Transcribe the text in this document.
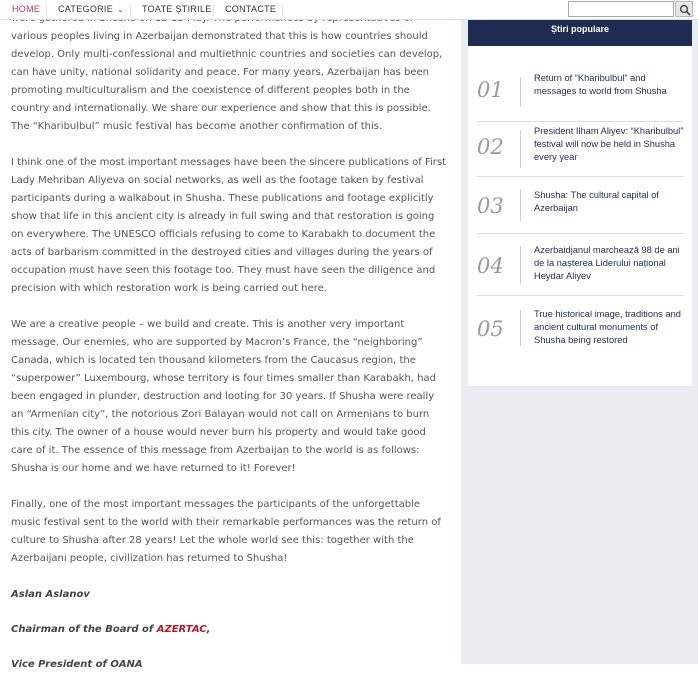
HOME CATEGORIE ⌄ TOATE ȘTIRILE CONTACTE

various peoples living in Azerbaijan demonstrated that this is how countries should develop. Only multi-confessional and multiethnic countries and societies can develop, can have unity, national solidarity and peace. For many years, Azerbaijan has been promoting multiculturalism and the coexistence of different peoples both in the country and internationally. We share our experience and show that this is possible. The “Kharibulbul” music festival has become another confirmation of this.

I think one of the most important messages have been the sincere publications of First Lady Mehriban Aliyeva on social networks, as well as the footage taken by festival participants during a walkabout in Shusha. These publications and footage explicitly show that life in this ancient city is already in full swing and that restoration is going on everywhere. The UNESCO officials refusing to come to Karabakh to document the acts of barbarism committed in the destroyed cities and villages during the years of occupation must have seen this footage too. They must have seen the diligence and precision with which restoration work is being carried out here.

We are a creative people – we build and create. This is another very important message. Our enemies, who are supported by Macron’s France, the “neighboring” Canada, which is located ten thousand kilometers from the Caucasus region, the “superpower” Luxembourg, whose territory is four times smaller than Karabakh, had been engaged in plunder, destruction and looting for 30 years. If Shusha were really an “Armenian city”, the notorious Zori Balayan would not call on Armenians to burn this city. The owner of a house would never burn his property and would take good care of it. The essence of this message from Azerbaijan to the world is as follows: Shusha is our home and we have returned to it! Forever!

Finally, one of the most important messages the participants of the unforgettable music festival sent to the world with their remarkable performances was the return of culture to Shusha after 28 years! Let the whole world see this: together with the Azerbaijani people, civilization has returned to Shusha!

Aslan Aslanov

Chairman of the Board of AZERTAC,

Vice President of OANA

Știri populare
01	Return of “Kharibulbul” and messages to world from Shusha
02
President Ilham Aliyev: “Kharibulbul” festival will now be held in Shusha every year
03	Shusha: The cultural capital of Azerbaijan
04
Azerbaidjanul marchează 98 de ani de la nașterea Liderului național Heydar Aliyev
05
True historical image, traditions and ancient cultural monuments of Shusha being restored
